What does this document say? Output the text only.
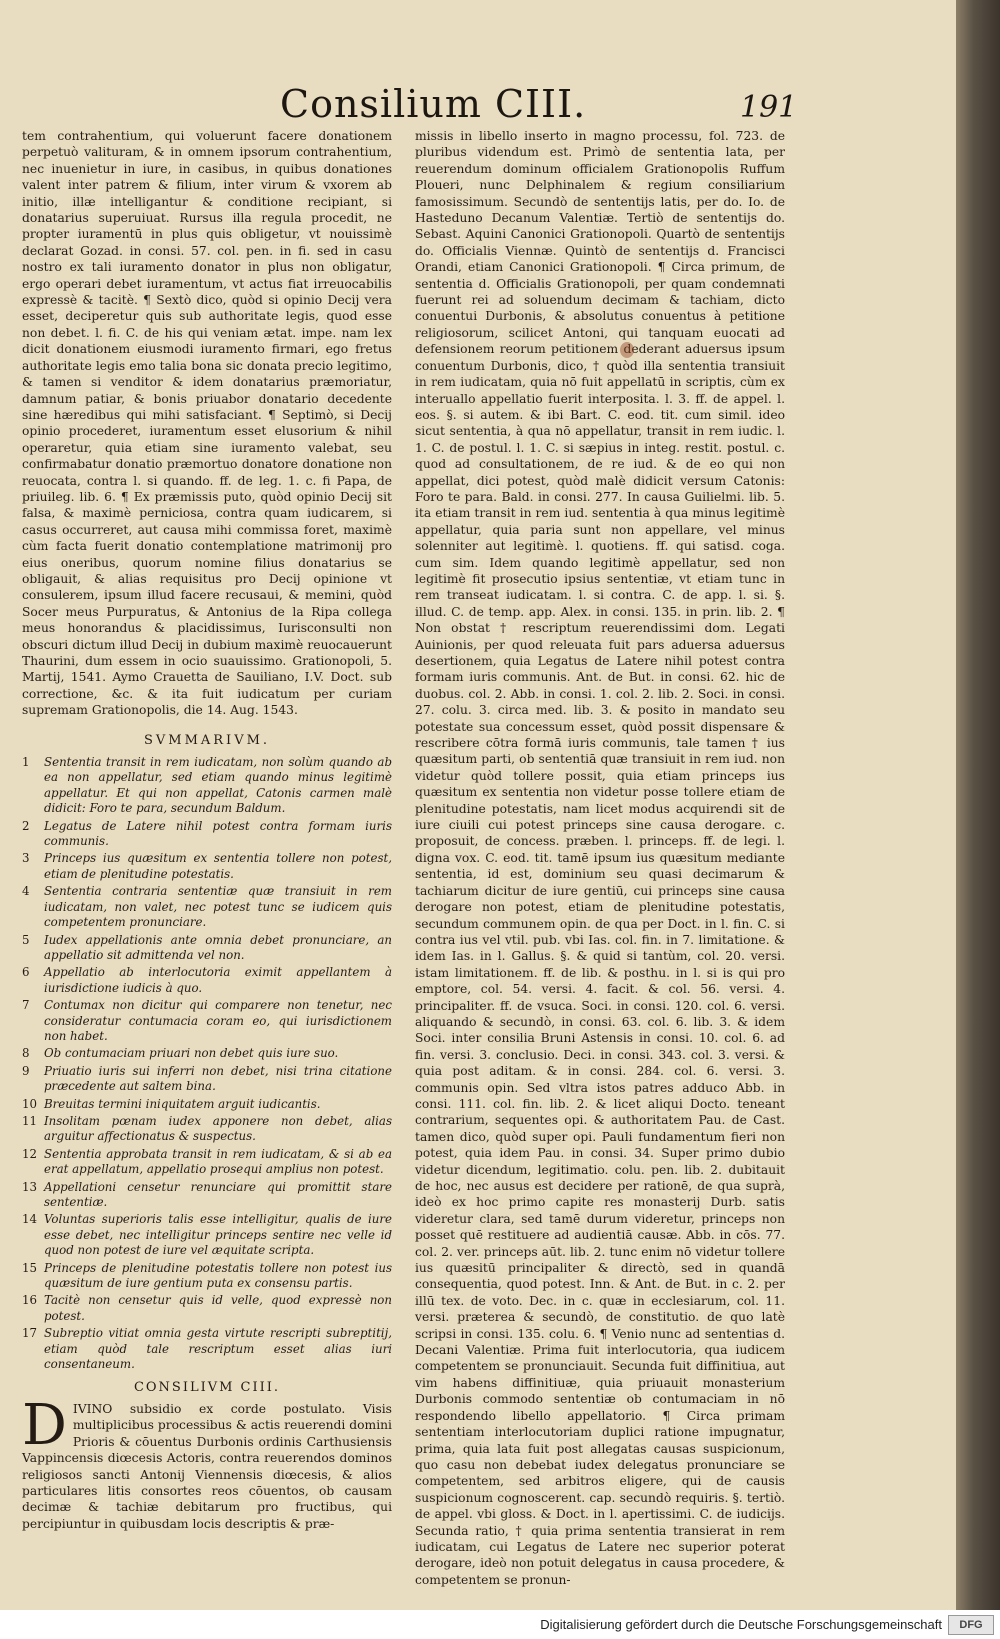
Consilium CIII.	191

tem contrahentium, qui voluerunt facere donationem perpetuò valituram, & in omnem ipsorum contrahentium, nec inuenietur in iure, in casibus, in quibus donationes valent inter patrem & filium, inter virum & vxorem ab initio, illæ intelligantur & conditione recipiant, si donatarius superuiuat. Rursus illa regula procedit, ne propter iuramentū in plus quis obligetur, vt nouissimè declarat Gozad. in consi. 57. col. pen. in fi. sed in casu nostro ex tali iuramento donator in plus non obligatur, ergo operari debet iuramentum, vt actus fiat irreuocabilis expressè & tacitè. ¶ Sextò dico, quòd si opinio Decij vera esset, deciperetur quis sub authoritate legis, quod esse non debet. l. fi. C. de his qui veniam ætat. impe. nam lex dicit donationem eiusmodi iuramento firmari, ego fretus authoritate legis emo talia bona sic donata precio legitimo, & tamen si venditor & idem donatarius præmoriatur, damnum patiar, & bonis priuabor donatario decedente sine hæredibus qui mihi satisfaciant. ¶ Septimò, si Decij opinio procederet, iuramentum esset elusorium & nihil operaretur, quia etiam sine iuramento valebat, seu confirmabatur donatio præmortuo donatore donatione non reuocata, contra l. si quando. ff. de leg. 1. c. fi Papa, de priuileg. lib. 6. ¶ Ex præmissis puto, quòd opinio Decij sit falsa, & maximè perniciosa, contra quam iudicarem, si casus occurreret, aut causa mihi commissa foret, maximè cùm facta fuerit donatio contemplatione matrimonij pro eius oneribus, quorum nomine filius donatarius se obligauit, & alias requisitus pro Decij opinione vt consulerem, ipsum illud facere recusaui, & memini, quòd Socer meus Purpuratus, & Antonius de la Ripa collega meus honorandus & placidissimus, Iurisconsulti non obscuri dictum illud Decij in dubium maximè reuocauerunt Thaurini, dum essem in ocio suauissimo. Grationopoli, 5. Martij, 1541. Aymo Crauetta de Sauiliano, I.V. Doct. sub correctione, &c. & ita fuit iudicatum per curiam supremam Grationopolis, die 14. Aug. 1543.

SVMMARIVM.
1 Sententia transit in rem iudicatam, non solùm quando ab ea non appellatur, sed etiam quando minus legitimè appellatur. Et qui non appellat, Catonis carmen malè didicit: Foro te para, secundum Baldum.
2 Legatus de Latere nihil potest contra formam iuris communis.
3 Princeps ius quæsitum ex sententia tollere non potest, etiam de plenitudine potestatis.
4 Sententia contraria sententiæ quæ transiuit in rem iudicatam, non valet, nec potest tunc se iudicem quis competentem pronunciare.
5 Iudex appellationis ante omnia debet pronunciare, an appellatio sit admittenda vel non.
6 Appellatio ab interlocutoria eximit appellantem à iurisdictione iudicis à quo.
7 Contumax non dicitur qui comparere non tenetur, nec consideratur contumacia coram eo, qui iurisdictionem non habet.
8 Ob contumaciam priuari non debet quis iure suo.
9 Priuatio iuris sui inferri non debet, nisi trina citatione præcedente aut saltem bina.
10 Breuitas termini iniquitatem arguit iudicantis.
11 Insolitam pœnam iudex apponere non debet, alias arguitur affectionatus & suspectus.
12 Sententia approbata transit in rem iudicatam, & si ab ea erat appellatum, appellatio prosequi amplius non potest.
13 Appellationi censetur renunciare qui promittit stare sententiæ.
14 Voluntas superioris talis esse intelligitur, qualis de iure esse debet, nec intelligitur princeps sentire nec velle id quod non potest de iure vel æquitate scripta.
15 Princeps de plenitudine potestatis tollere non potest ius quæsitum de iure gentium puta ex consensu partis.
16 Tacitè non censetur quis id velle, quod expressè non potest.
17 Subreptio vitiat omnia gesta virtute rescripti subreptitij, etiam quòd tale rescriptum esset alias iuri consentaneum.
CONSILIVM CIII.

DIVINO subsidio ex corde postulato. Visis multiplicibus processibus & actis reuerendi domini Prioris & cōuentus Durbonis ordinis Carthusiensis Vappincensis diœcesis Actoris, contra reuerendos dominos religiosos sancti Antonij Viennensis diœcesis, & alios particulares litis consortes reos cōuentos, ob causam decimæ & tachiæ debitarum pro fructibus, qui percipiuntur in quibusdam locis descriptis & præ-

missis in libello inserto in magno processu, fol. 723. de pluribus videndum est. Primò de sententia lata, per reuerendum dominum officialem Grationopolis Ruffum Ploueri, nunc Delphinalem & regium consiliarium famosissimum. Secundò de sententijs latis, per do. Io. de Hasteduno Decanum Valentiæ. Tertiò de sententijs do. Sebast. Aquini Canonici Grationopoli. Quartò de sententijs do. Officialis Viennæ. Quintò de sententijs d. Francisci Orandi, etiam Canonici Grationopoli. ¶ Circa primum, de sententia d. Officialis Grationopoli, per quam condemnati fuerunt rei ad soluendum decimam & tachiam, dicto conuentui Durbonis, & absolutus conuentus à petitione religiosorum, scilicet Antoni, qui tanquam euocati ad defensionem reorum petitionem dederant aduersus ipsum conuentum Durbonis, dico, † quòd illa sententia transiuit in rem iudicatam, quia nō fuit appellatū in scriptis, cùm ex interuallo appellatio fuerit interposita. l. 3. ff. de appel. l. eos. §. si autem. & ibi Bart. C. eod. tit. cum simil. ideo sicut sententia, à qua nō appellatur, transit in rem iudic. l. 1. C. de postul. l. 1. C. si sæpius in integ. restit. postul. c. quod ad consultationem, de re iud. & de eo qui non appellat, dici potest, quòd malè didicit versum Catonis: Foro te para. Bald. in consi. 277. In causa Guilielmi. lib. 5. ita etiam transit in rem iud. sententia à qua minus legitimè appellatur, quia paria sunt non appellare, vel minus solenniter aut legitimè. l. quotiens. ff. qui satisd. coga. cum sim. Idem quando legitimè appellatur, sed non legitimè fit prosecutio ipsius sententiæ, vt etiam tunc in rem transeat iudicatam. l. si contra. C. de app. l. si. §. illud. C. de temp. app. Alex. in consi. 135. in prin. lib. 2. ¶ Non obstat † rescriptum reuerendissimi dom. Legati Auinionis, per quod releuata fuit pars aduersa aduersus desertionem, quia Legatus de Latere nihil potest contra formam iuris communis. Ant. de But. in consi. 62. hic de duobus. col. 2. Abb. in consi. 1. col. 2. lib. 2. Soci. in consi. 27. colu. 3. circa med. lib. 3. & posito in mandato seu potestate sua concessum esset, quòd possit dispensare & rescribere cōtra formā iuris communis, tale tamen † ius quæsitum parti, ob sententiā quæ transiuit in rem iud. non videtur quòd tollere possit, quia etiam princeps ius quæsitum ex sententia non videtur posse tollere etiam de plenitudine potestatis, nam licet modus acquirendi sit de iure ciuili cui potest princeps sine causa derogare. c. proposuit, de concess. præben. l. princeps. ff. de legi. l. digna vox. C. eod. tit. tamē ipsum ius quæsitum mediante sententia, id est, dominium seu quasi decimarum & tachiarum dicitur de iure gentiū, cui princeps sine causa derogare non potest, etiam de plenitudine potestatis, secundum communem opin. de qua per Doct. in l. fin. C. si contra ius vel vtil. pub. vbi Ias. col. fin. in 7. limitatione. & idem Ias. in l. Gallus. §. & quid si tantùm, col. 20. versi. istam limitationem. ff. de lib. & posthu. in l. si is qui pro emptore, col. 54. versi. 4. facit. & col. 56. versi. 4. principaliter. ff. de vsuca. Soci. in consi. 120. col. 6. versi. aliquando & secundò, in consi. 63. col. 6. lib. 3. & idem Soci. inter consilia Bruni Astensis in consi. 10. col. 6. ad fin. versi. 3. conclusio. Deci. in consi. 343. col. 3. versi. & quia post aditam. & in consi. 284. col. 6. versi. 3. communis opin. Sed vltra istos patres adduco Abb. in consi. 111. col. fin. lib. 2. & licet aliqui Docto. teneant contrarium, sequentes opi. & authoritatem Pau. de Cast. tamen dico, quòd super opi. Pauli fundamentum fieri non potest, quia idem Pau. in consi. 34. Super primo dubio videtur dicendum, legitimatio. colu. pen. lib. 2. dubitauit de hoc, nec ausus est decidere per rationē, de qua suprà, ideò ex hoc primo capite res monasterij Durb. satis videretur clara, sed tamē durum videretur, princeps non posset quē restituere ad audientiā causæ. Abb. in cōs. 77. col. 2. ver. princeps aūt. lib. 2. tunc enim nō videtur tollere ius quæsitū principaliter & directò, sed in quandā consequentia, quod potest. Inn. & Ant. de But. in c. 2. per illū tex. de voto. Dec. in c. quæ in ecclesiarum, col. 11. versi. præterea & secundò, de constitutio. de quo latè scripsi in consi. 135. colu. 6. ¶ Venio nunc ad sententias d. Decani Valentiæ. Prima fuit interlocutoria, qua iudicem competentem se pronunciauit. Secunda fuit diffinitiua, aut vim habens diffinitiuæ, quia priuauit monasterium Durbonis commodo sententiæ ob contumaciam in nō respondendo libello appellatorio. ¶ Circa primam sententiam interlocutoriam duplici ratione impugnatur, prima, quia lata fuit post allegatas causas suspicionum, quo casu non debebat iudex delegatus pronunciare se competentem, sed arbitros eligere, qui de causis suspicionum cognoscerent. cap. secundò requiris. §. tertiò. de appel. vbi gloss. & Doct. in l. apertissimi. C. de iudicijs. Secunda ratio, † quia prima sententia transierat in rem iudicatam, cui Legatus de Latere nec superior poterat derogare, ideò non potuit delegatus in causa procedere, & competentem se pronun-

Digitalisierung gefördert durch die Deutsche Forschungsgemeinschaft	DFG
